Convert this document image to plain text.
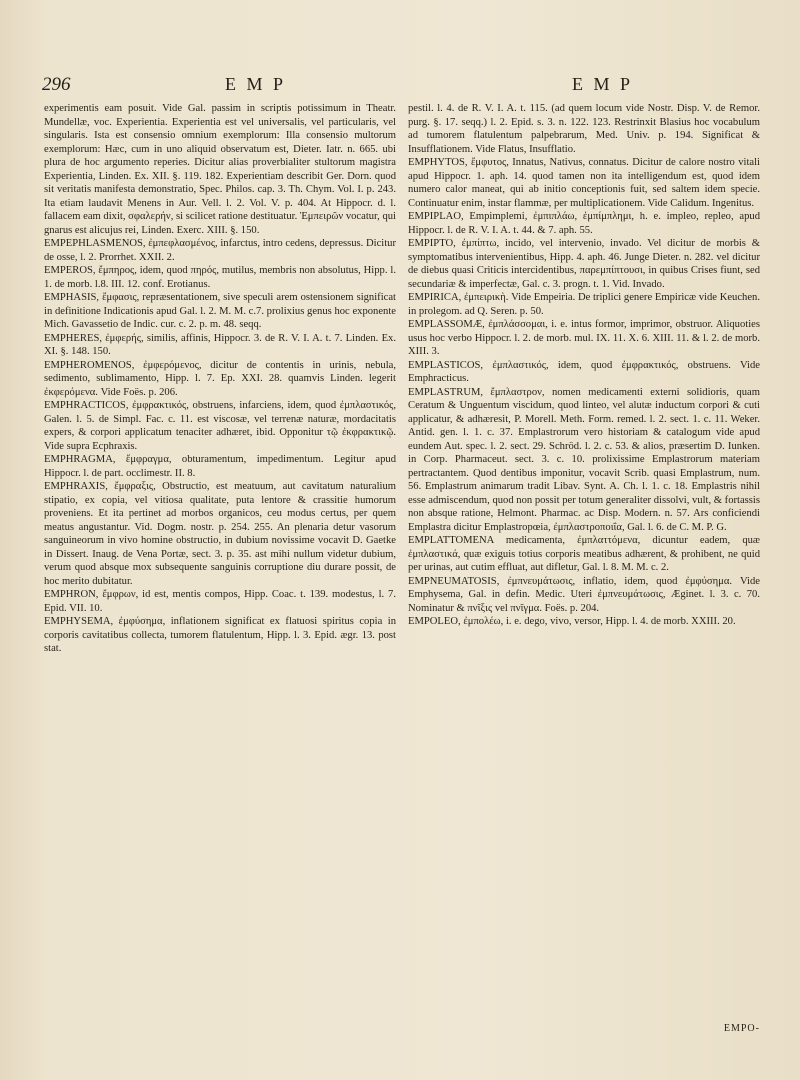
296	E M P	E M P

experimentis eam posuit. Vide Gal. passim in scriptis potissimum in Theatr. Mundellæ, voc. Experientia. Experientia est vel universalis, vel particularis, vel singularis. Ista est consensio omnium exemplorum: Illa consensio multorum exemplorum: Hæc, cum in uno aliquid observatum est, Dieter. Iatr. n. 665. ubi plura de hoc argumento reperies. Dicitur alias proverbialiter stultorum magistra Experientia, Linden. Ex. XII. §. 119. 182. Experientiam describit Ger. Dorn. quod sit veritatis manifesta demonstratio, Spec. Philos. cap. 3. Th. Chym. Vol. I. p. 243. Ita etiam laudavit Menens in Aur. Vell. l. 2. Vol. V. p. 404. At Hippocr. d. l. fallacem eam dixit, σφαλερήν, si scilicet ratione destituatur. Ἐμπειρῶν vocatur, qui gnarus est alicujus rei, Linden. Exerc. XIII. §. 150.

EMPEPHLASMENOS, ἐμπεφλασμένος, infarctus, intro cedens, depressus. Dicitur de osse, l. 2. Prorrhet. XXII. 2.

EMPEROS, ἔμπηρος, idem, quod πηρός, mutilus, membris non absolutus, Hipp. l. 1. de morb. l.8. III. 12. conf. Erotianus.

EMPHASIS, ἔμφασις, repræsentationem, sive speculi arem ostensionem significat in definitione Indicationis apud Gal. l. 2. M. M. c.7. prolixius genus hoc exponente Mich. Gavassetio de Indic. cur. c. 2. p. m. 48. seqq.

EMPHERES, ἐμφερής, similis, affinis, Hippocr. 3. de R. V. I. A. t. 7. Linden. Ex. XI. §. 148. 150.

EMPHEROMENOS, ἐμφερόμενος, dicitur de contentis in urinis, nebula, sedimento, sublimamento, Hipp. l. 7. Ep. XXI. 28. quamvis Linden. legerit ἐκφερόμενα. Vide Foës. p. 206.

EMPHRACTICOS, ἐμφρακτικός, obstruens, infarciens, idem, quod ἐμπλαστικός, Galen. l. 5. de Simpl. Fac. c. 11. est viscosæ, vel terrenæ naturæ, mordacitatis expers, & corpori applicatum tenaciter adhæret, ibid. Opponitur τῷ ἐκφρακτικῷ. Vide supra Ecphraxis.

EMPHRAGMA, ἔμφραγμα, obturamentum, impedimentum. Legitur apud Hippocr. l. de part. occlimestr. II. 8.

EMPHRAXIS, ἔμφραξις, Obstructio, est meatuum, aut cavitatum naturalium stipatio, ex copia, vel vitiosa qualitate, puta lentore & crassitie humorum proveniens. Et ita pertinet ad morbos organicos, ceu modus certus, per quem meatus angustantur. Vid. Dogm. nostr. p. 254. 255. An plenaria detur vasorum sanguineorum in vivo homine obstructio, in dubium novissime vocavit D. Gaetke in Dissert. Inaug. de Vena Portæ, sect. 3. p. 35. ast mihi nullum videtur dubium, verum quod absque mox subsequente sanguinis corruptione diu durare possit, de hoc merito dubitatur.

EMPHRON, ἔμφρων, id est, mentis compos, Hipp. Coac. t. 139. modestus, l. 7. Epid. VII. 10.

EMPHYSEMA, ἐμφύσημα, inflationem significat ex flatuosi spiritus copia in corporis cavitatibus collecta, tumorem flatulentum, Hipp. l. 3. Epid. ægr. 13. post stat.

pestil. l. 4. de R. V. I. A. t. 115. (ad quem locum vide Nostr. Disp. V. de Remor. purg. §. 17. seqq.) l. 2. Epid. s. 3. n. 122. 123. Restrinxit Blasius hoc vocabulum ad tumorem flatulentum palpebrarum, Med. Univ. p. 194. Significat & Insufflationem. Vide Flatus, Insufflatio.

EMPHYTOS, ἔμφυτος, Innatus, Nativus, connatus. Dicitur de calore nostro vitali apud Hippocr. 1. aph. 14. quod tamen non ita intelligendum est, quod idem numero calor maneat, qui ab initio conceptionis fuit, sed saltem idem specie. Continuatur enim, instar flammæ, per multiplicationem. Vide Calidum. Ingenitus.

EMPIPLAO, Empimplemi, ἐμπιπλάω, ἐμπίμπλημι, h. e. impleo, repleo, apud Hippocr. l. de R. V. I. A. t. 44. & 7. aph. 55.

EMPIPTO, ἐμπίπτω, incido, vel intervenio, invado. Vel dicitur de morbis & symptomatibus intervenientibus, Hipp. 4. aph. 46. Junge Dieter. n. 282. vel dicitur de diebus quasi Criticis intercidentibus, παρεμπίπτουσι, in quibus Crises fiunt, sed secundariæ & imperfectæ, Gal. c. 3. progn. t. 1. Vid. Invado.

EMPIRICA, ἐμπειρικὴ. Vide Empeiria. De triplici genere Empiricæ vide Keuchen. in prolegom. ad Q. Seren. p. 50.

EMPLASSOMÆ, ἐμπλάσσομαι, i. e. intus formor, imprimor, obstruor. Aliquoties usus hoc verbo Hippocr. l. 2. de morb. mul. IX. 11. X. 6. XIII. 11. & l. 2. de morb. XIII. 3.

EMPLASTICOS, ἐμπλαστικός, idem, quod ἐμφρακτικός, obstruens. Vide Emphracticus.

EMPLASTRUM, ἔμπλαστρον, nomen medicamenti externi solidioris, quam Ceratum & Unguentum viscidum, quod linteo, vel alutæ inductum corpori & cuti applicatur, & adhæresit, P. Morell. Meth. Form. remed. l. 2. sect. 1. c. 11. Weker. Antid. gen. l. 1. c. 37. Emplastrorum vero historiam & catalogum vide apud eundem Aut. spec. l. 2. sect. 29. Schröd. l. 2. c. 53. & alios, præsertim D. Iunken. in Corp. Pharmaceut. sect. 3. c. 10. prolixissime Emplastrorum materiam pertractantem. Quod dentibus imponitur, vocavit Scrib. quasi Emplastrum, num. 56. Emplastrum animarum tradit Libav. Synt. A. Ch. l. 1. c. 18. Emplastris nihil esse admiscendum, quod non possit per totum generaliter dissolvi, vult, & fortassis non absque ratione, Helmont. Pharmac. ac Disp. Modern. n. 57. Ars conficiendi Emplastra dicitur Emplastropœia, ἐμπλαστροποιΐα, Gal. l. 6. de C. M. P. G.

EMPLATTOMENA medicamenta, ἐμπλαττόμενα, dicuntur eadem, quæ ἐμπλαστικά, quæ exiguis totius corporis meatibus adhærent, & prohibent, ne quid per urinas, aut cutim effluat, aut difletur, Gal. l. 8. M. M. c. 2.

EMPNEUMATOSIS, ἐμπνευμάτωσις, inflatio, idem, quod ἐμφύσημα. Vide Emphysema, Gal. in defin. Medic. Uteri ἐμπνευμάτωσις, Æginet. l. 3. c. 70. Nominatur & πνῖξις vel πνῖγμα. Foës. p. 204.

EMPOLEO, ἐμπολέω, i. e. dego, vivo, versor, Hipp. l. 4. de morb. XXIII. 20.

EMPO-
